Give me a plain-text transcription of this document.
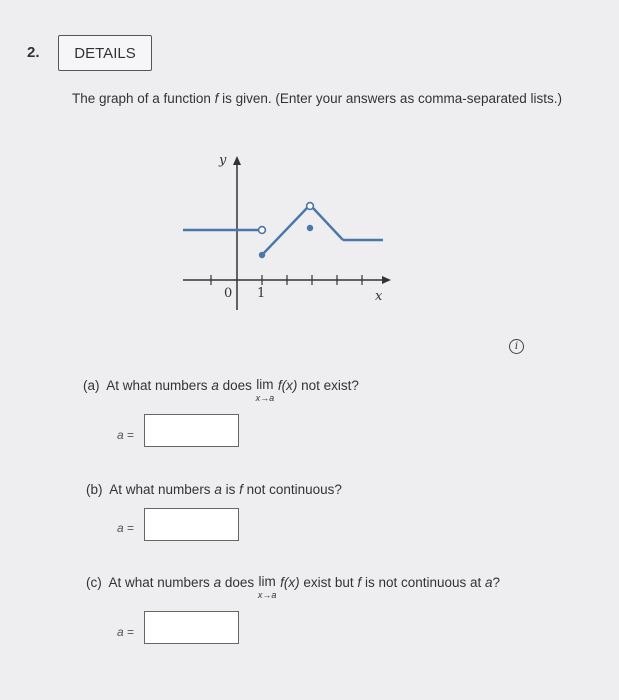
2.	DETAILS
The graph of a function f is given. (Enter your answers as comma-separated lists.)
y
x
0 1
i
(a) At what numbers a does lim
x→a
f(x) not exist?
a =
(b) At what numbers a is f not continuous?
a =
(c) At what numbers a does lim
x→a
f(x) exist but f is not continuous at a?
a =
